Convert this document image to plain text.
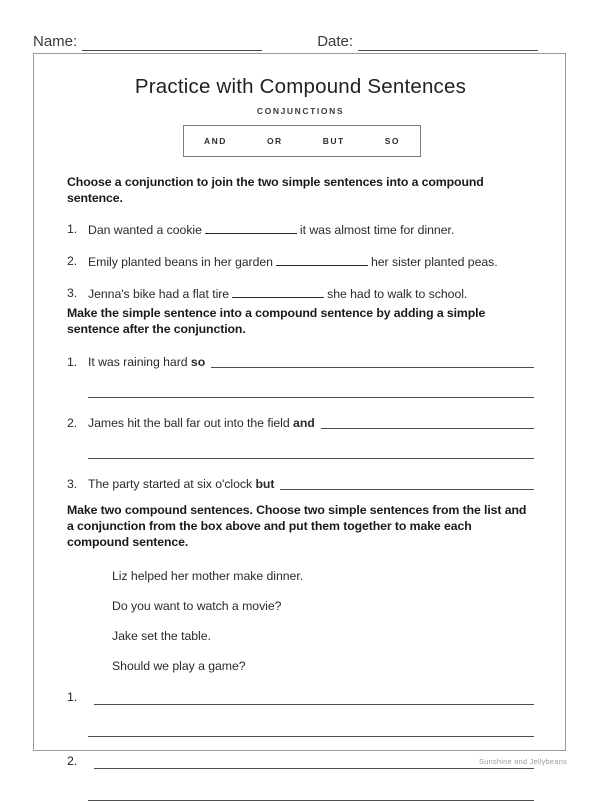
Name:	Date:
Practice with Compound Sentences
CONJUNCTIONS
AND	OR	BUT	SO
Choose a conjunction to join the two simple sentences into a compound sentence.
1. Dan wanted a cookie	it was almost time for dinner.
2. Emily planted beans in her garden	her sister planted peas.
3. Jenna's bike had a flat tire	she had to walk to school.
Make the simple sentence into a compound sentence by adding a simple sentence after the conjunction.
1. It was raining hard so
2. James hit the ball far out into the field and
3. The party started at six o'clock but
Make two compound sentences. Choose two simple sentences from the list and a conjunction from the box above and put them together to make each compound sentence.
Liz helped her mother make dinner.
Do you want to watch a movie?
Jake set the table.
Should we play a game?
1.
2.	Sunshine and Jellybeans
